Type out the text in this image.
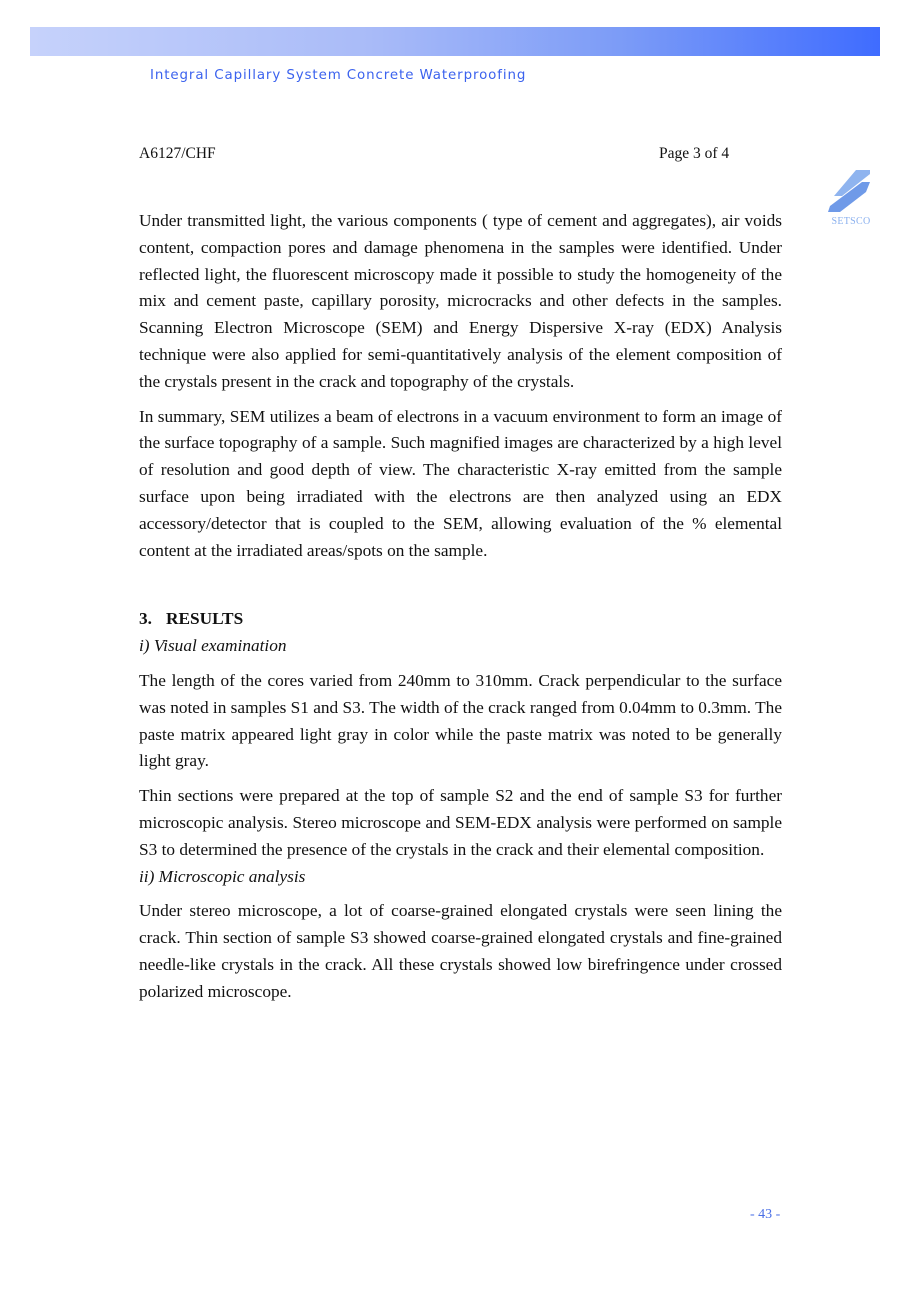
Integral Capillary System Concrete Waterproofing
A6127/CHF	Page 3 of 4
SETSCO

Under transmitted light, the various components ( type of cement and aggregates), air voids content, compaction pores and damage phenomena in the samples were identified. Under reflected light, the fluorescent microscopy made it possible to study the homogeneity of the mix and cement paste, capillary porosity, microcracks and other defects in the samples. Scanning Electron Microscope (SEM) and Energy Dispersive X-ray (EDX) Analysis technique were also applied for semi-quantitatively analysis of the element composition of the crystals present in the crack and topography of the crystals.

In summary, SEM utilizes a beam of electrons in a vacuum environment to form an image of the surface topography of a sample. Such magnified images are characterized by a high level of resolution and good depth of view. The characteristic X-ray emitted from the sample surface upon being irradiated with the electrons are then analyzed using an EDX accessory/detector that is coupled to the SEM, allowing evaluation of the % elemental content at the irradiated areas/spots on the sample.

3. RESULTS

i) Visual examination

The length of the cores varied from 240mm to 310mm. Crack perpendicular to the surface was noted in samples S1 and S3. The width of the crack ranged from 0.04mm to 0.3mm. The paste matrix appeared light gray in color while the paste matrix was noted to be generally light gray.

Thin sections were prepared at the top of sample S2 and the end of sample S3 for further microscopic analysis. Stereo microscope and SEM-EDX analysis were performed on sample S3 to determined the presence of the crystals in the crack and their elemental composition.

ii) Microscopic analysis

Under stereo microscope, a lot of coarse-grained elongated crystals were seen lining the crack. Thin section of sample S3 showed coarse-grained elongated crystals and fine-grained needle-like crystals in the crack. All these crystals showed low birefringence under crossed polarized microscope.

- 43 -
